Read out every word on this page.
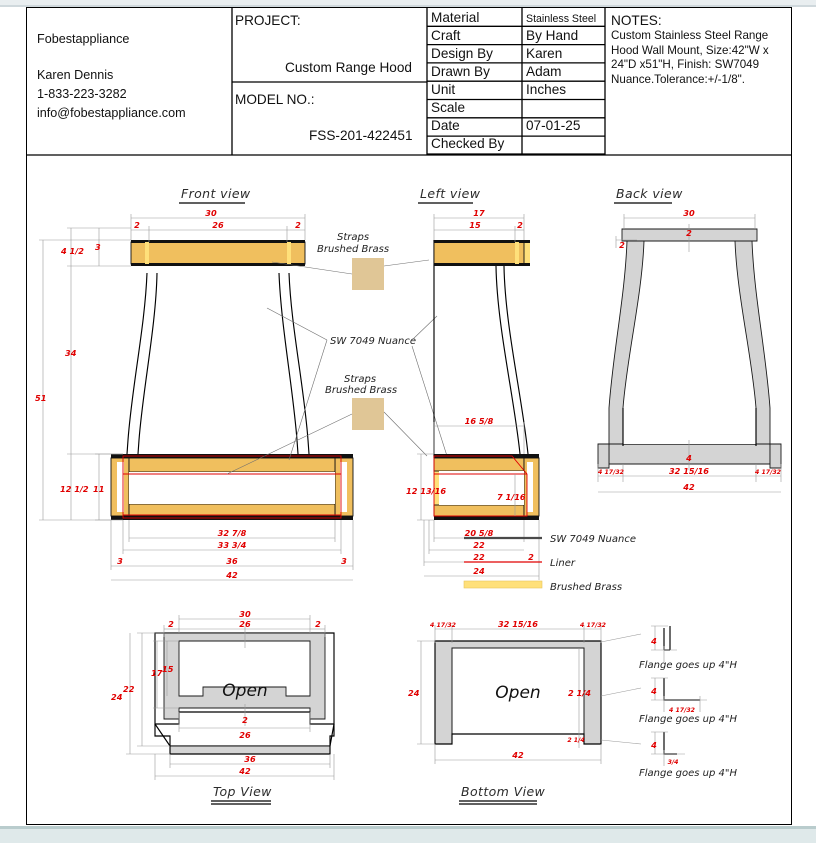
Fobestappliance
Karen Dennis
1-833-223-3282
info@fobestappliance.com
PROJECT:
Custom Range Hood
MODEL NO.:
FSS-201-422451
Material	Stainless Steel
Craft	By Hand
Design By Karen
Drawn By	Adam
Unit	Inches
Scale
Date	07-01-25
Checked By
NOTES:
Custom Stainless Steel Range
Hood Wall Mount, Size:42"W x
24"D x51"H, Finish: SW7049
Nuance.Tolerance:+/-1/8".
Front view
30
26
2	2
4 1/2 3
34
51
12 1/2 11
32 7/8
33 3/4
3	36	3
42
Straps
Brushed Brass
SW 7049 Nuance
Straps
Brushed Brass
Left view
17
15	2
16 5/8
12 13/16
7 1/16
20 5/8
22
22	2
24
Back view
30
2
2
4
4 17/32	32 15/16	4 17/32
42
SW 7049 Nuance
Liner
Brushed Brass
Open
30
2	26	2
17 15
22
24
2
26
36
42
Top View
Open
4 17/32	32 15/16	4 17/32
24	2 1/4
2 1/4
42
Bottom View
4
Flange goes up 4"H
4
4 17/32
Flange goes up 4"H
4
3/4
Flange goes up 4"H
